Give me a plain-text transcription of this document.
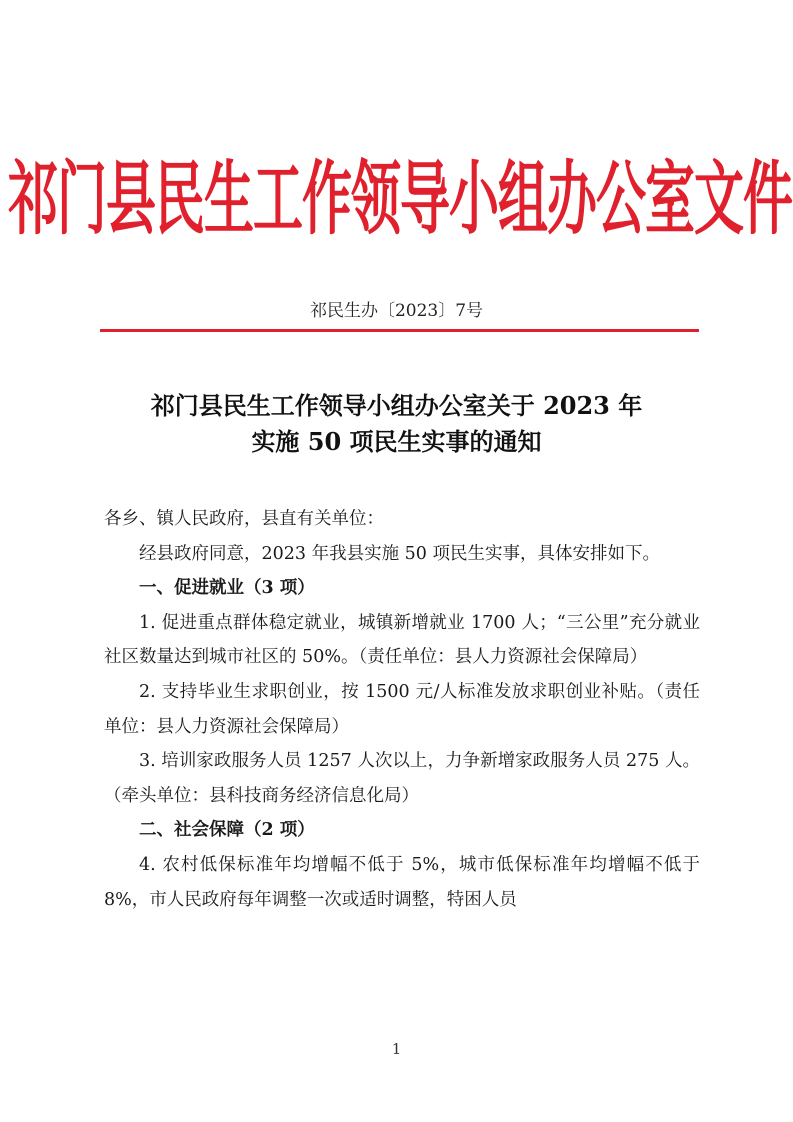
祁门县民生工作领导小组办公室文件
祁民生办〔2023〕7号
祁门县民生工作领导小组办公室关于 2023 年
实施 50 项民生实事的通知

各乡、镇人民政府，县直有关单位：

经县政府同意，2023 年我县实施 50 项民生实事，具体安排如下。

一、促进就业（3 项）

1. 促进重点群体稳定就业，城镇新增就业 1700 人；“三公里”充分就业社区数量达到城市社区的 50%。（责任单位：县人力资源社会保障局）

2. 支持毕业生求职创业，按 1500 元/人标准发放求职创业补贴。（责任单位：县人力资源社会保障局）

3. 培训家政服务人员 1257 人次以上，力争新增家政服务人员 275 人。（牵头单位：县科技商务经济信息化局）

二、社会保障（2 项）

4. 农村低保标准年均增幅不低于 5%，城市低保标准年均增幅不低于 8%，市人民政府每年调整一次或适时调整，特困人员

1
